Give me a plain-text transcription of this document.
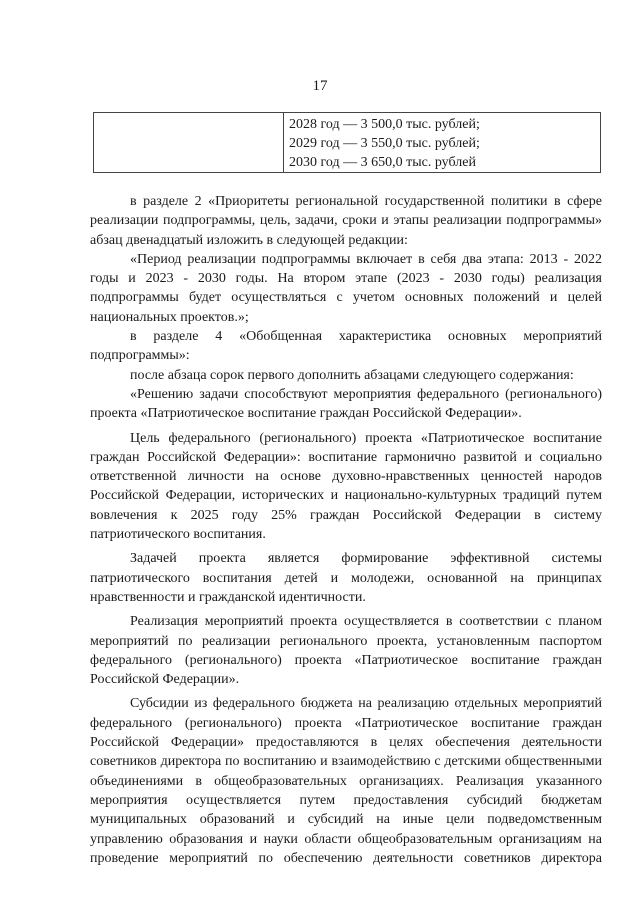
17

2028 год — 3 500,0 тыс. рублей;
2029 год — 3 550,0 тыс. рублей;
2030 год — 3 650,0 тыс. рублей

в разделе 2 «Приоритеты региональной государственной политики в сфере реализации подпрограммы, цель, задачи, сроки и этапы реализации подпрограммы» абзац двенадцатый изложить в следующей редакции:

«Период реализации подпрограммы включает в себя два этапа: 2013 - 2022 годы и 2023 - 2030 годы. На втором этапе (2023 - 2030 годы) реализация подпрограммы будет осуществляться с учетом основных положений и целей национальных проектов.»;

в разделе 4 «Обобщенная характеристика основных мероприятий подпрограммы»:

после абзаца сорок первого дополнить абзацами следующего содержания:

«Решению задачи способствуют мероприятия федерального (регионального) проекта «Патриотическое воспитание граждан Российской Федерации».

Цель федерального (регионального) проекта «Патриотическое воспитание граждан Российской Федерации»: воспитание гармонично развитой и социально ответственной личности на основе духовно-нравственных ценностей народов Российской Федерации, исторических и национально-культурных традиций путем вовлечения к 2025 году 25% граждан Российской Федерации в систему патриотического воспитания.

Задачей проекта является формирование эффективной системы патриотического воспитания детей и молодежи, основанной на принципах нравственности и гражданской идентичности.

Реализация мероприятий проекта осуществляется в соответствии с планом мероприятий по реализации регионального проекта, установленным паспортом федерального (регионального) проекта «Патриотическое воспитание граждан Российской Федерации».

Субсидии из федерального бюджета на реализацию отдельных мероприятий федерального (регионального) проекта «Патриотическое воспитание граждан Российской Федерации» предоставляются в целях обеспечения деятельности советников директора по воспитанию и взаимодействию с детскими общественными объединениями в общеобразовательных организациях. Реализация указанного мероприятия осуществляется путем предоставления субсидий бюджетам муниципальных образований и субсидий на иные цели подведомственным управлению образования и науки области общеобразовательным организациям на проведение мероприятий по обеспечению деятельности советников директора
